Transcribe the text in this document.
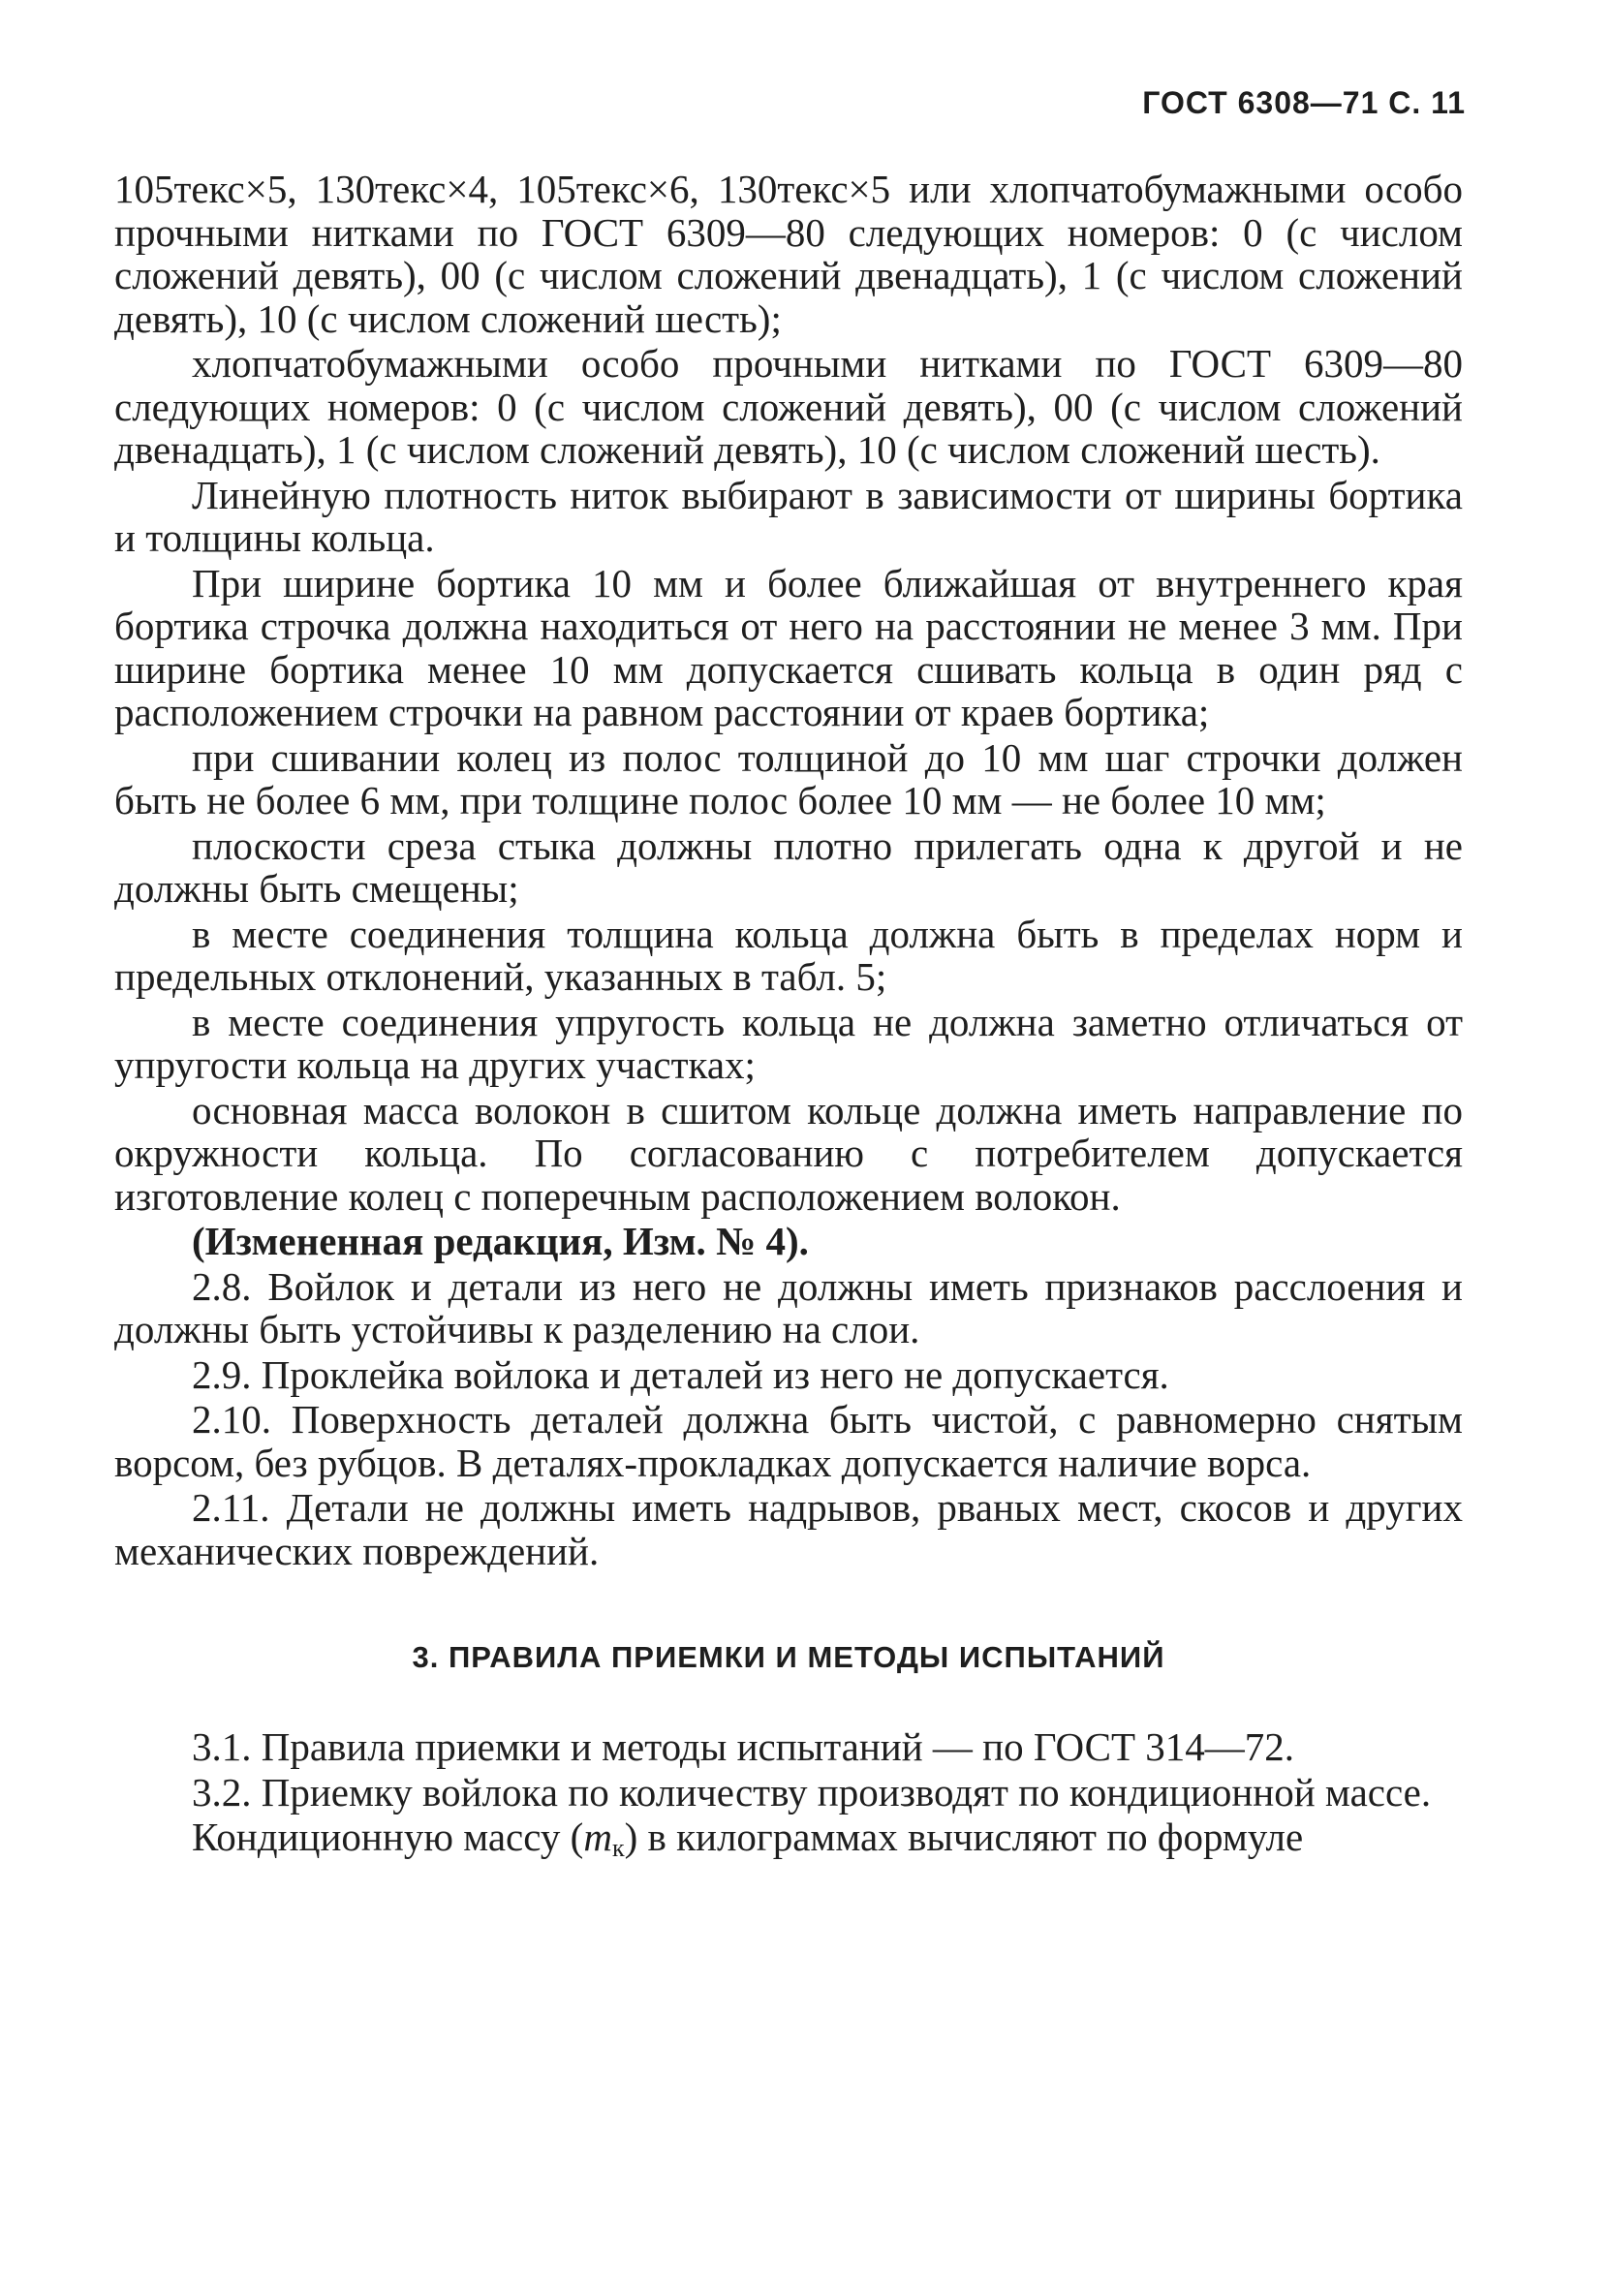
ГОСТ 6308—71 С. 11

105текс×5, 130текс×4, 105текс×6, 130текс×5 или хлопчатобумажными особо прочными нитками по ГОСТ 6309—80 следующих номеров: 0 (с числом сложений девять), 00 (с числом сложений двенадцать), 1 (с числом сложений девять), 10 (с числом сложений шесть);

хлопчатобумажными особо прочными нитками по ГОСТ 6309—80 следующих номеров: 0 (с числом сложений девять), 00 (с числом сложений двенадцать), 1 (с числом сложений девять), 10 (с числом сложений шесть).

Линейную плотность ниток выбирают в зависимости от ширины бортика и толщины кольца.

При ширине бортика 10 мм и более ближайшая от внутреннего края бортика строчка должна находиться от него на расстоянии не менее 3 мм. При ширине бортика менее 10 мм допускается сшивать кольца в один ряд с расположением строчки на равном расстоянии от краев бортика;

при сшивании колец из полос толщиной до 10 мм шаг строчки должен быть не более 6 мм, при толщине полос более 10 мм — не более 10 мм;

плоскости среза стыка должны плотно прилегать одна к другой и не должны быть смещены;

в месте соединения толщина кольца должна быть в пределах норм и предельных отклонений, указанных в табл. 5;

в месте соединения упругость кольца не должна заметно отличаться от упругости кольца на других участках;

основная масса волокон в сшитом кольце должна иметь направление по окружности кольца. По согласованию с потребителем допускается изготовление колец с поперечным расположением волокон.

(Измененная редакция, Изм. № 4).

2.8. Войлок и детали из него не должны иметь признаков расслоения и должны быть устойчивы к разделению на слои.

2.9. Проклейка войлока и деталей из него не допускается.

2.10. Поверхность деталей должна быть чистой, с равномерно снятым ворсом, без рубцов. В деталях-прокладках допускается наличие ворса.

2.11. Детали не должны иметь надрывов, рваных мест, скосов и других механических повреждений.

3. ПРАВИЛА ПРИЕМКИ И МЕТОДЫ ИСПЫТАНИЙ

3.1. Правила приемки и методы испытаний — по ГОСТ 314—72.

3.2. Приемку войлока по количеству производят по кондиционной массе.

Кондиционную массу (mк) в килограммах вычисляют по формуле
